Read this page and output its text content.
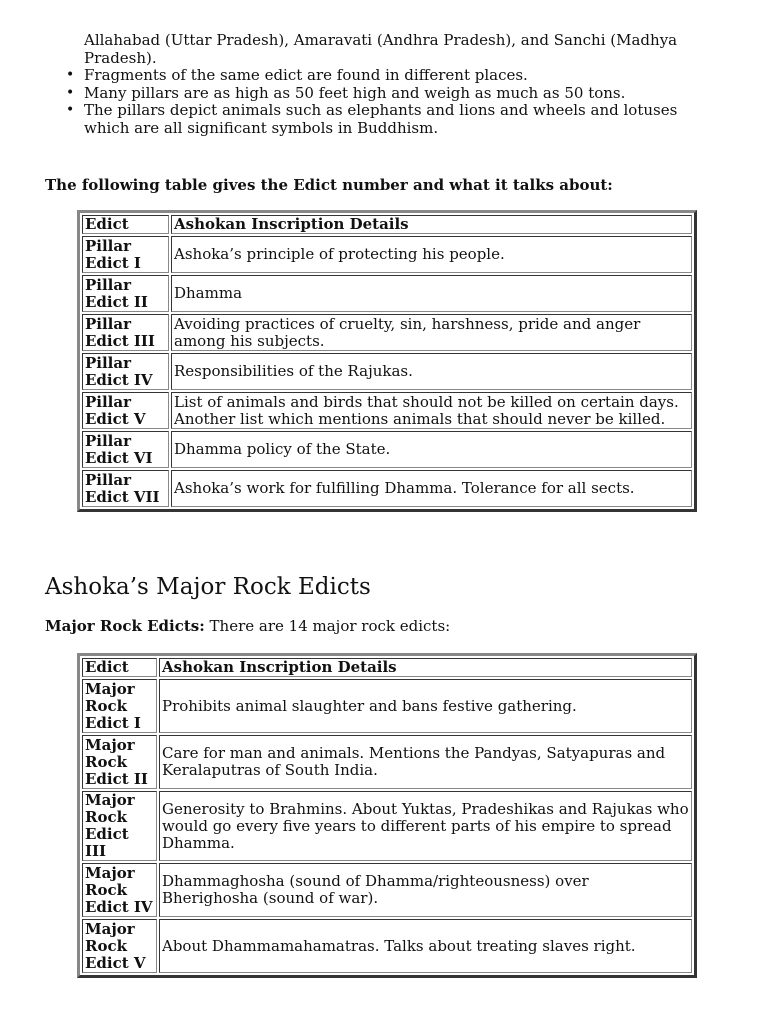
Allahabad (Uttar Pradesh), Amaravati (Andhra Pradesh), and Sanchi (Madhya Pradesh).
• Fragments of the same edict are found in different places.
• Many pillars are as high as 50 feet high and weigh as much as 50 tons.
• The pillars depict animals such as elephants and lions and wheels and lotuses which are all significant symbols in Buddhism.

The following table gives the Edict number and what it talks about:

Edict	Ashokan Inscription Details
Pillar Edict I	Ashoka’s principle of protecting his people.
Pillar Edict II	Dhamma
Pillar Edict III	Avoiding practices of cruelty, sin, harshness, pride and anger among his subjects.
Pillar Edict IV	Responsibilities of the Rajukas.
Pillar Edict V	List of animals and birds that should not be killed on certain days. Another list which mentions animals that should never be killed.
Pillar Edict VI	Dhamma policy of the State.
Pillar Edict VII	Ashoka’s work for fulfilling Dhamma. Tolerance for all sects.
Ashoka’s Major Rock Edicts

Major Rock Edicts: There are 14 major rock edicts:

Edict	Ashokan Inscription Details
Major Rock Edict I	Prohibits animal slaughter and bans festive gathering.
Major Rock Edict II	Care for man and animals. Mentions the Pandyas, Satyapuras and Keralaputras of South India.
Major Rock Edict III	Generosity to Brahmins. About Yuktas, Pradeshikas and Rajukas who would go every five years to different parts of his empire to spread Dhamma.
Major Rock Edict IV	Dhammaghosha (sound of Dhamma/righteousness) over Bherighosha (sound of war).
Major Rock Edict V	About Dhammamahamatras. Talks about treating slaves right.
